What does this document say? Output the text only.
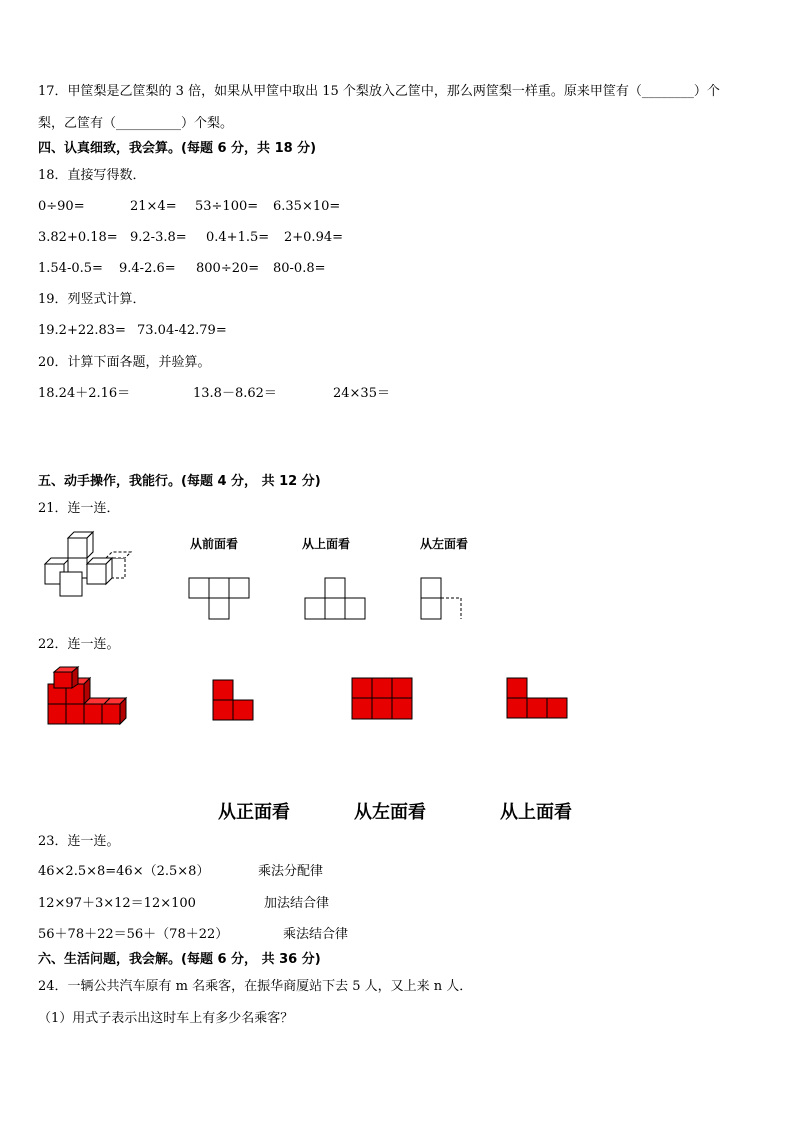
17．甲筐梨是乙筐梨的 3 倍，如果从甲筐中取出 15 个梨放入乙筐中，那么两筐梨一样重。原来甲筐有（________）个
梨，乙筐有（__________）个梨。
四、认真细致，我会算。(每题 6 分，共 18 分)
18．直接写得数．
0÷90=	21×4= 53÷100= 6.35×10=
3.82+0.18= 9.2-3.8= 0.4+1.5= 2+0.94=
1.54-0.5= 9.4-2.6= 800÷20= 80-0.8=
19．列竖式计算．
19.2+22.83= 73.04-42.79=
20．计算下面各题，并验算。
18.24＋2.16＝	13.8－8.62＝	24×35＝
五、动手操作，我能行。(每题 4 分， 共 12 分)
21．连一连．
从前面看	从上面看	从左面看
22．连一连。
从正面看	从左面看	从上面看
23．连一连。
46×2.5×8=46×（2.5×8）	乘法分配律
12×97＋3×12＝12×100	加法结合律
56＋78＋22＝56＋（78＋22）	乘法结合律
六、生活问题，我会解。(每题 6 分， 共 36 分)
24．一辆公共汽车原有 m 名乘客，在振华商厦站下去 5 人，又上来 n 人．
（1）用式子表示出这时车上有多少名乘客？
